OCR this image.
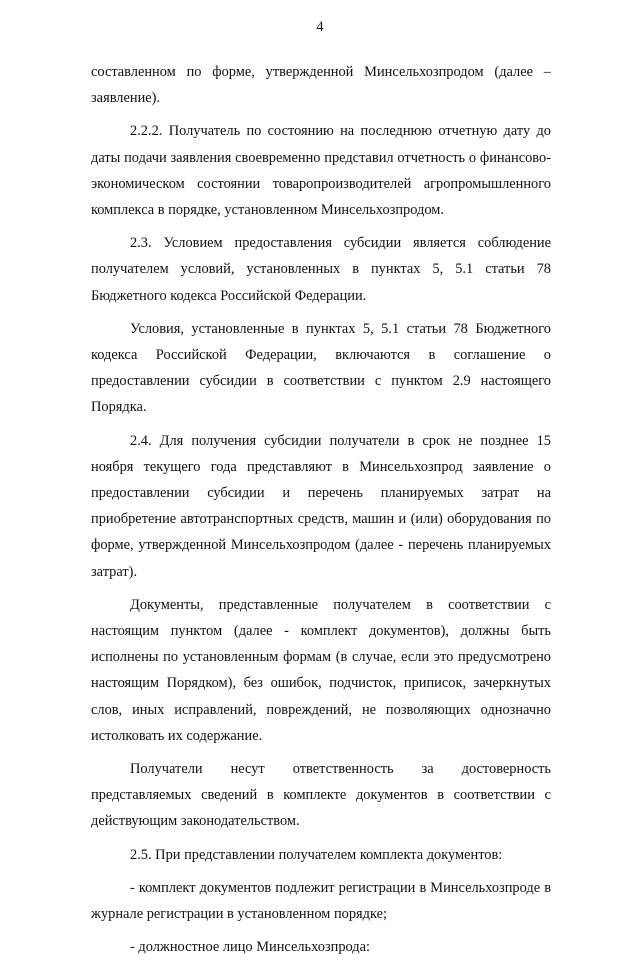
4

составленном по форме, утвержденной Минсельхозпродом (далее – заявление).

2.2.2. Получатель по состоянию на последнюю отчетную дату до даты подачи заявления своевременно представил отчетность о финансово-экономическом состоянии товаропроизводителей агропромышленного комплекса в порядке, установленном Минсельхозпродом.

2.3. Условием предоставления субсидии является соблюдение получателем условий, установленных в пунктах 5, 5.1 статьи 78 Бюджетного кодекса Российской Федерации.

Условия, установленные в пунктах 5, 5.1 статьи 78 Бюджетного кодекса Российской Федерации, включаются в соглашение о предоставлении субсидии в соответствии с пунктом 2.9 настоящего Порядка.

2.4. Для получения субсидии получатели в срок не позднее 15 ноября текущего года представляют в Минсельхозпрод заявление о предоставлении субсидии и перечень планируемых затрат на приобретение автотранспортных средств, машин и (или) оборудования по форме, утвержденной Минсельхозпродом (далее - перечень планируемых затрат).

Документы, представленные получателем в соответствии с настоящим пунктом (далее - комплект документов), должны быть исполнены по установленным формам (в случае, если это предусмотрено настоящим Порядком), без ошибок, подчисток, приписок, зачеркнутых слов, иных исправлений, повреждений, не позволяющих однозначно истолковать их содержание.

Получатели несут ответственность за достоверность представляемых сведений в комплекте документов в соответствии с действующим законодательством.

2.5. При представлении получателем комплекта документов:

- комплект документов подлежит регистрации в Минсельхозпроде в журнале регистрации в установленном порядке;

- должностное лицо Минсельхозпрода:
